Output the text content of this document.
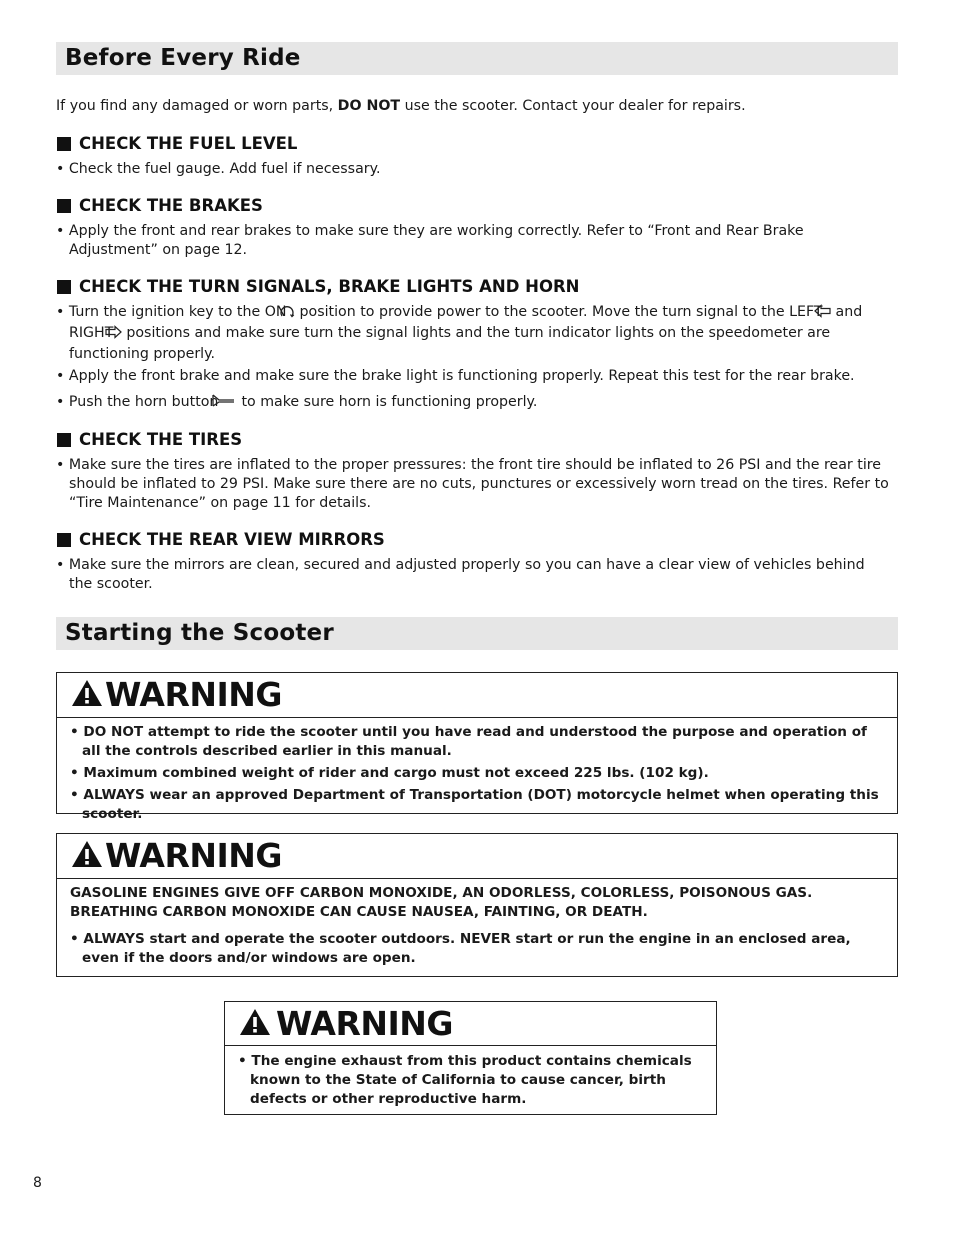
Before Every Ride
If you find any damaged or worn parts, DO NOT use the scooter. Contact your dealer for repairs.
CHECK THE FUEL LEVEL
• Check the fuel gauge. Add fuel if necessary.
CHECK THE BRAKES
• Apply the front and rear brakes to make sure they are working correctly. Refer to “Front and Rear Brake Adjustment” on page 12.
CHECK THE TURN SIGNALS, BRAKE LIGHTS AND HORN
• Turn the ignition key to the ON position to provide power to the scooter. Move the turn signal to the LEFT and RIGHT positions and make sure turn the signal lights and the turn indicator lights on the speedometer are functioning properly.
• Apply the front brake and make sure the brake light is functioning properly. Repeat this test for the rear brake.
• Push the horn button to make sure horn is functioning properly.
CHECK THE TIRES
• Make sure the tires are inflated to the proper pressures: the front tire should be inflated to 26 PSI and the rear tire should be inflated to 29 PSI. Make sure there are no cuts, punctures or excessively worn tread on the tires. Refer to “Tire Maintenance” on page 11 for details.
CHECK THE REAR VIEW MIRRORS
• Make sure the mirrors are clean, secured and adjusted properly so you can have a clear view of vehicles behind the scooter.
Starting the Scooter
WARNING
• DO NOT attempt to ride the scooter until you have read and understood the purpose and operation of all the controls described earlier in this manual.
• Maximum combined weight of rider and cargo must not exceed 225 lbs. (102 kg).
• ALWAYS wear an approved Department of Transportation (DOT) motorcycle helmet when operating this scooter.
WARNING
GASOLINE ENGINES GIVE OFF CARBON MONOXIDE, AN ODORLESS, COLORLESS, POISONOUS GAS. BREATHING CARBON MONOXIDE CAN CAUSE NAUSEA, FAINTING, OR DEATH.
• ALWAYS start and operate the scooter outdoors. NEVER start or run the engine in an enclosed area, even if the doors and/or windows are open.
WARNING
• The engine exhaust from this product contains chemicals known to the State of California to cause cancer, birth defects or other reproductive harm.
8
